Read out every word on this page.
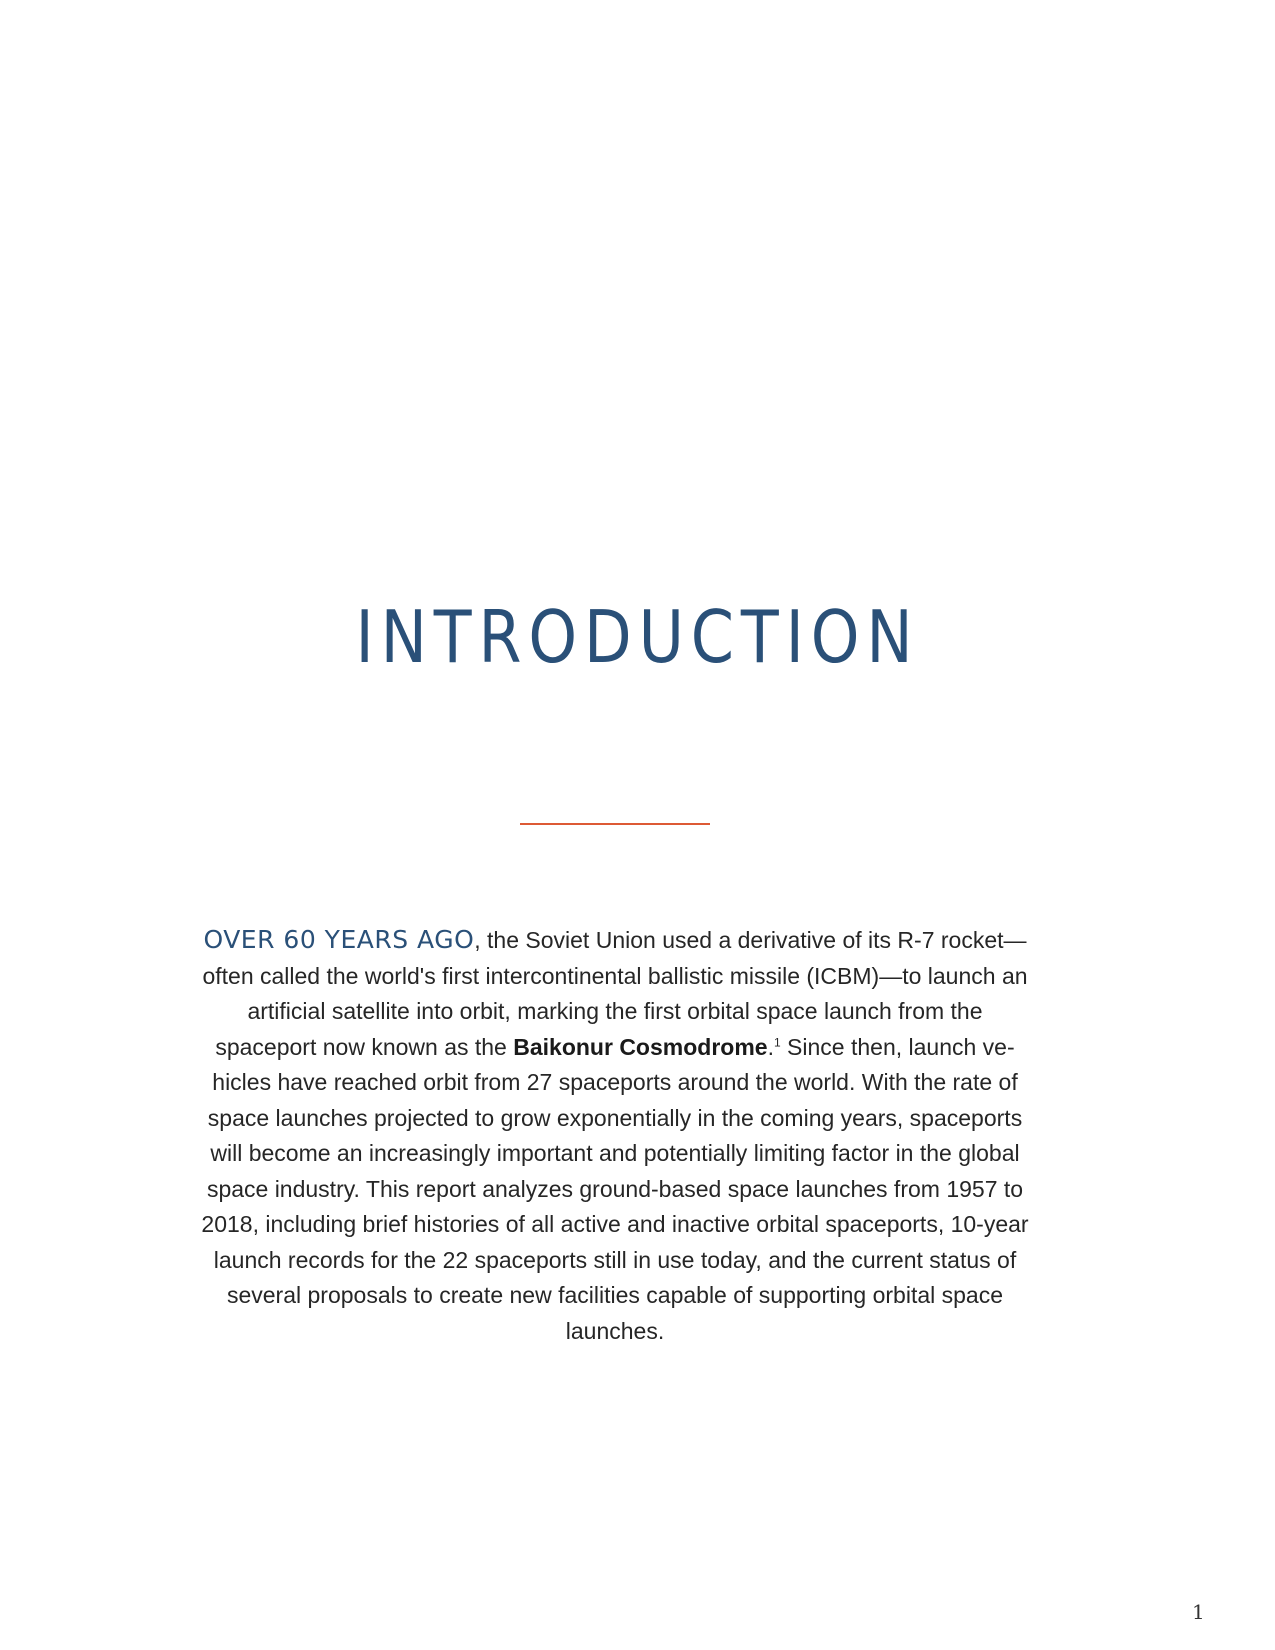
INTRODUCTION

OVER 60 YEARS AGO, the Soviet Union used a derivative of its R-7 rocket—often called the world's first intercontinental ballistic missile (ICBM)—to launch an artificial satellite into orbit, marking the first orbital space launch from the spaceport now known as the Baikonur Cosmodrome.$^1$ Since then, launch vehicles have reached orbit from 27 spaceports around the world. With the rate of space launches projected to grow exponentially in the coming years, spaceports will become an increasingly important and potentially limiting factor in the global space industry. This report analyzes ground-based space launches from 1957 to 2018, including brief histories of all active and inactive orbital spaceports, 10-year launch records for the 22 spaceports still in use today, and the current status of several proposals to create new facilities capable of supporting orbital space launches.

1
